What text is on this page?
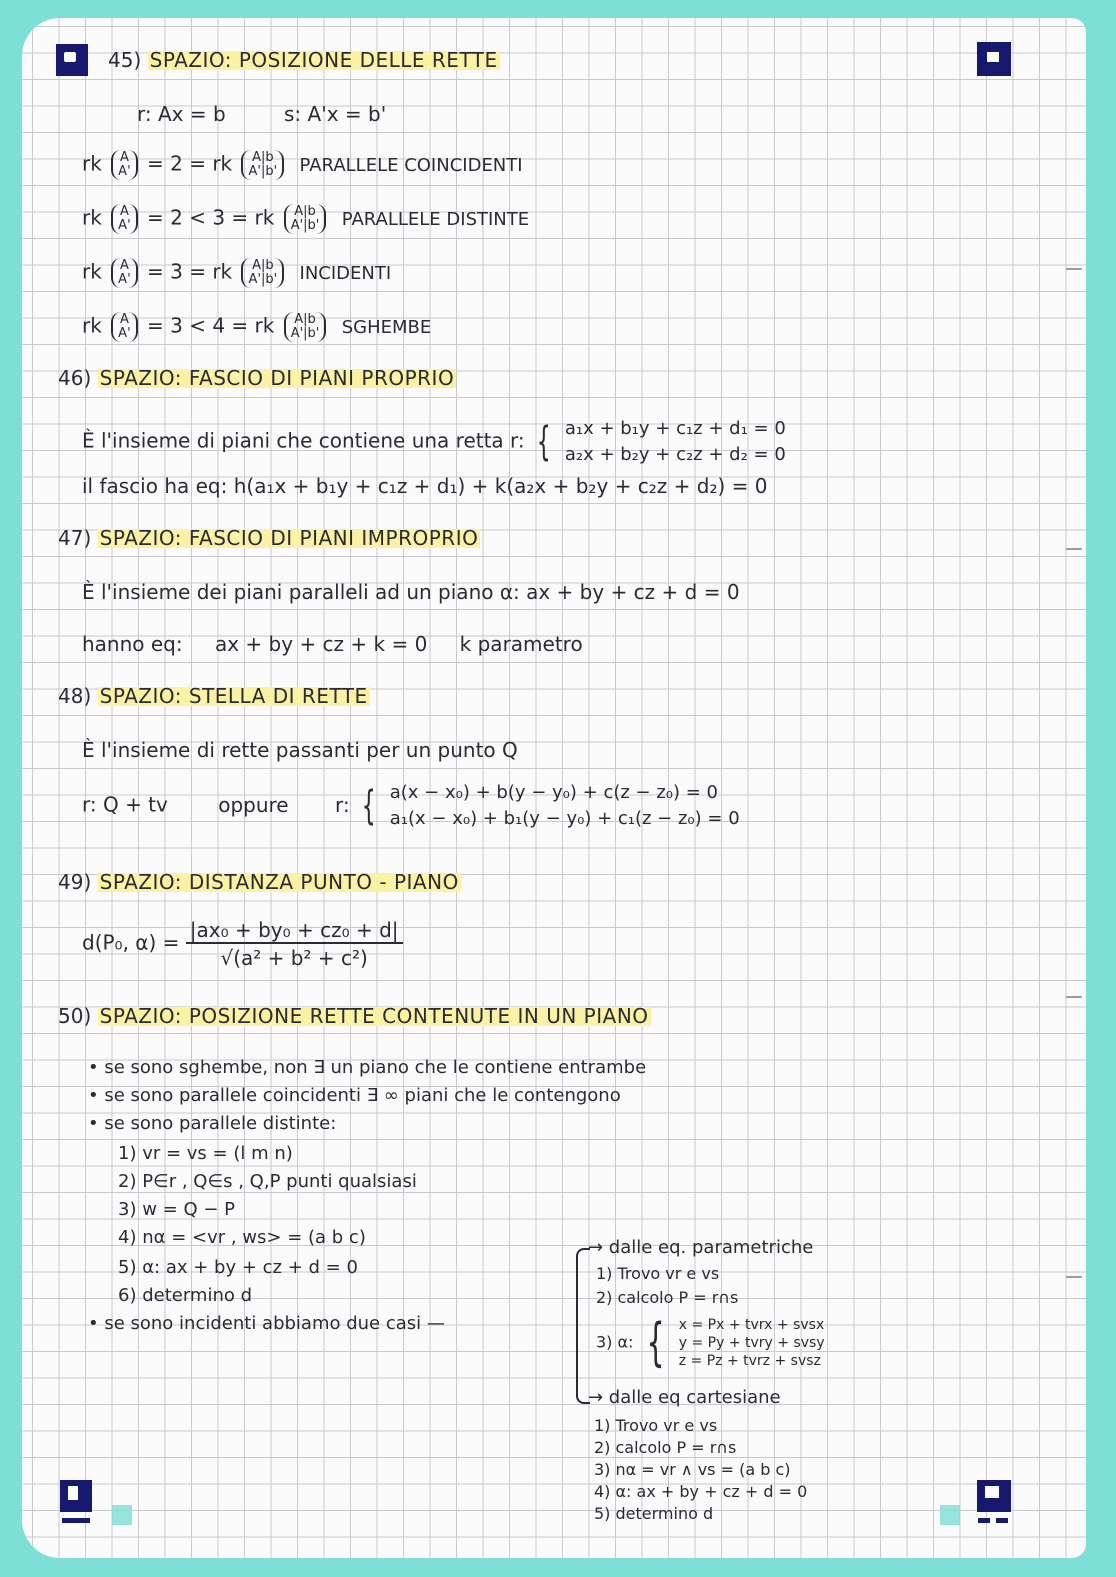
45) SPAZIO: POSIZIONE DELLE RETTE
r: Ax = b	s: A'x = b'
rk A
A' = 2 = rk A|b
A'|b' PARALLELE COINCIDENTI
rk A
A' = 2 < 3 = rk A|b
A'|b' PARALLELE DISTINTE
rk A
A' = 3 = rk A|b
A'|b' INCIDENTI
rk A
A' = 3 < 4 = rk A|b
A'|b' SGHEMBE
46) SPAZIO: FASCIO DI PIANI PROPRIO
È l'insieme di piani che contiene una retta r: { a₁x + b₁y + c₁z + d₁ = 0
a₂x + b₂y + c₂z + d₂ = 0
il fascio ha eq: h(a₁x + b₁y + c₁z + d₁) + k(a₂x + b₂y + c₂z + d₂) = 0
47) SPAZIO: FASCIO DI PIANI IMPROPRIO
È l'insieme dei piani paralleli ad un piano α: ax + by + cz + d = 0
hanno eq: ax + by + cz + k = 0 k parametro
48) SPAZIO: STELLA DI RETTE
È l'insieme di rette passanti per un punto Q
r: Q + tv	oppure r: { a(x − x₀) + b(y − y₀) + c(z − z₀) = 0
a₁(x − x₀) + b₁(y − y₀) + c₁(z − z₀) = 0
49) SPAZIO: DISTANZA PUNTO - PIANO
d(P₀, $\alpha) = \frac{\text{|ax₀ + by₀ + cz₀ + d|}}{\text{√(a² + b² + c²)}}$
50) SPAZIO: POSIZIONE RETTE CONTENUTE IN UN PIANO
• se sono sghembe, non ∃ un piano che le contiene entrambe
• se sono parallele coincidenti ∃ ∞ piani che le contengono
• se sono parallele distinte:
1) vr = vs = (l m n)
2) P∈r , Q∈s , Q,P punti qualsiasi
3) w = Q − P
4) nα = <vr , ws> = (a b c)
5) α: ax + by + cz + d = 0
6) determino d
• se sono incidenti abbiamo due casi —
→ dalle eq. parametriche
1) Trovo vr e vs
2) calcolo P = r∩s
3) α: { x = Px + tvrx + svsx
y = Py + tvry + svsy
z = Pz + tvrz + svsz
→ dalle eq cartesiane
1) Trovo vr e vs
2) calcolo P = r∩s
3) nα = vr ∧ vs = (a b c)
4) α: ax + by + cz + d = 0
5) determino d
